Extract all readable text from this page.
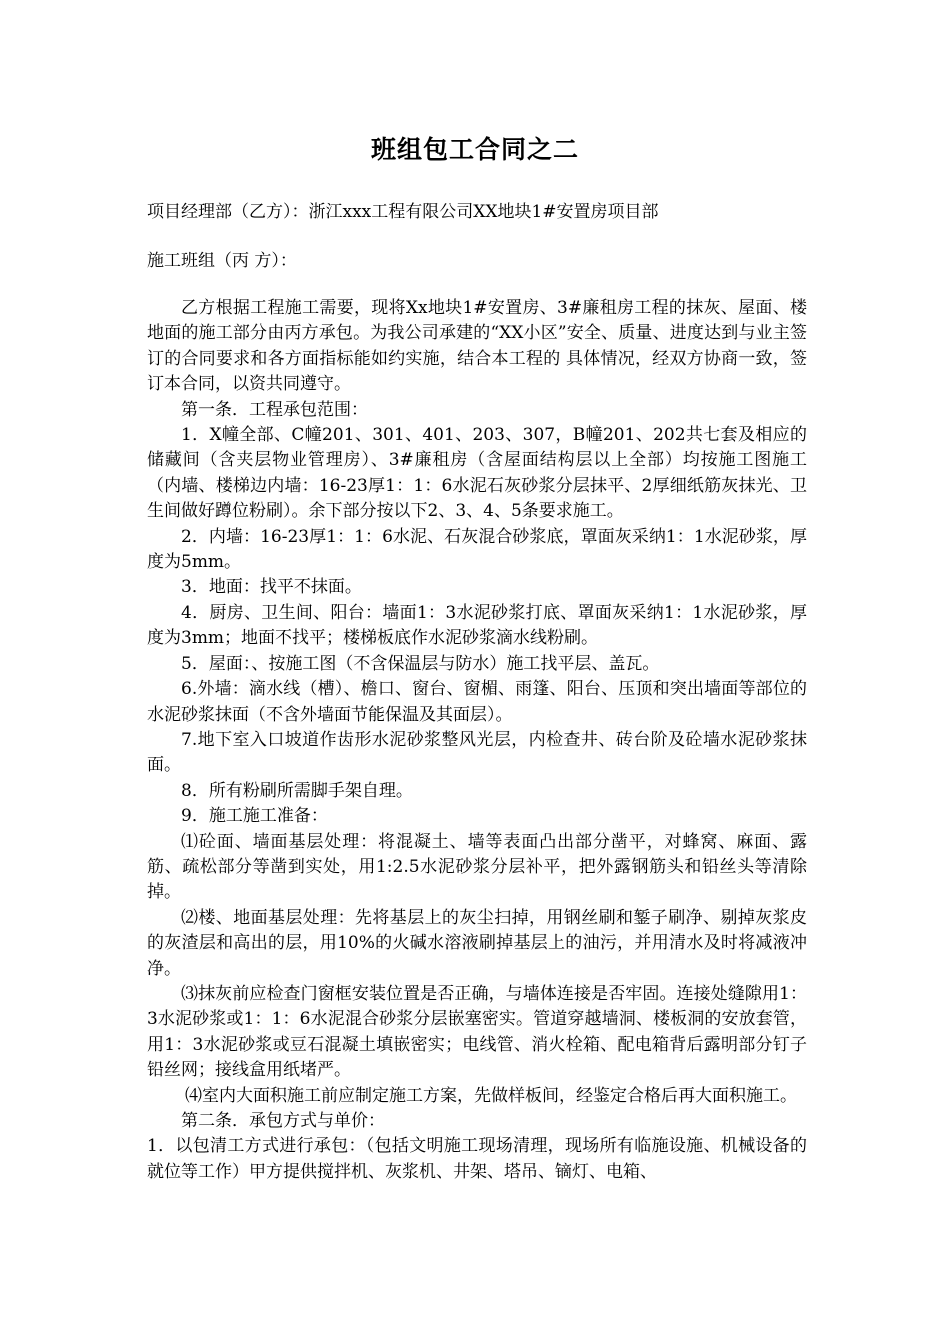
班组包工合同之二
项目经理部（乙方）：浙江xxx工程有限公司XX地块1#安置房项目部
施工班组（丙 方）：

乙方根据工程施工需要，现将Xx地块1#安置房、3#廉租房工程的抹灰、屋面、楼地面的施工部分由丙方承包。为我公司承建的“XX小区”安全、质量、进度达到与业主签订的合同要求和各方面指标能如约实施，结合本工程的 具体情况，经双方协商一致，签订本合同，以资共同遵守。

第一条．工程承包范围：

1．X幢全部、C幢201、301、401、203、307，B幢201、202共七套及相应的储藏间（含夹层物业管理房）、3#廉租房（含屋面结构层以上全部）均按施工图施工（内墙、楼梯边内墙：16-23厚1：1：6水泥石灰砂浆分层抹平、2厚细纸筋灰抹光、卫生间做好蹲位粉刷）。余下部分按以下2、3、4、5条要求施工。

2．内墙：16-23厚1：1：6水泥、石灰混合砂浆底，罩面灰采纳1：1水泥砂浆，厚度为5mm。

3．地面：找平不抹面。

4．厨房、卫生间、阳台：墙面1：3水泥砂浆打底、罩面灰采纳1：1水泥砂浆，厚度为3mm；地面不找平；楼梯板底作水泥砂浆滴水线粉刷。

5．屋面：、按施工图（不含保温层与防水）施工找平层、盖瓦。

6.外墙：滴水线（槽）、檐口、窗台、窗楣、雨篷、阳台、压顶和突出墙面等部位的水泥砂浆抹面（不含外墙面节能保温及其面层）。

7.地下室入口坡道作齿形水泥砂浆整风光层，内检查井、砖台阶及砼墙水泥砂浆抹面。

8．所有粉刷所需脚手架自理。

9．施工施工准备：

⑴砼面、墙面基层处理：将混凝土、墙等表面凸出部分凿平，对蜂窝、麻面、露筋、疏松部分等凿到实处，用1:2.5水泥砂浆分层补平，把外露钢筋头和铅丝头等清除掉。

⑵楼、地面基层处理：先将基层上的灰尘扫掉，用钢丝刷和錾子刷净、剔掉灰浆皮的灰渣层和高出的层，用10%的火碱水溶液刷掉基层上的油污，并用清水及时将减液冲净。

⑶抹灰前应检查门窗框安装位置是否正确，与墙体连接是否牢固。连接处缝隙用1：3水泥砂浆或1：1：6水泥混合砂浆分层嵌塞密实。管道穿越墙洞、楼板洞的安放套管，用1：3水泥砂浆或豆石混凝土填嵌密实；电线管、消火栓箱、配电箱背后露明部分钉子铅丝网；接线盒用纸堵严。

⑷室内大面积施工前应制定施工方案，先做样板间，经鉴定合格后再大面积施工。

第二条．承包方式与单价：

1．以包清工方式进行承包：（包括文明施工现场清理，现场所有临施设施、机械设备的就位等工作）甲方提供搅拌机、灰浆机、井架、塔吊、镝灯、电箱、
